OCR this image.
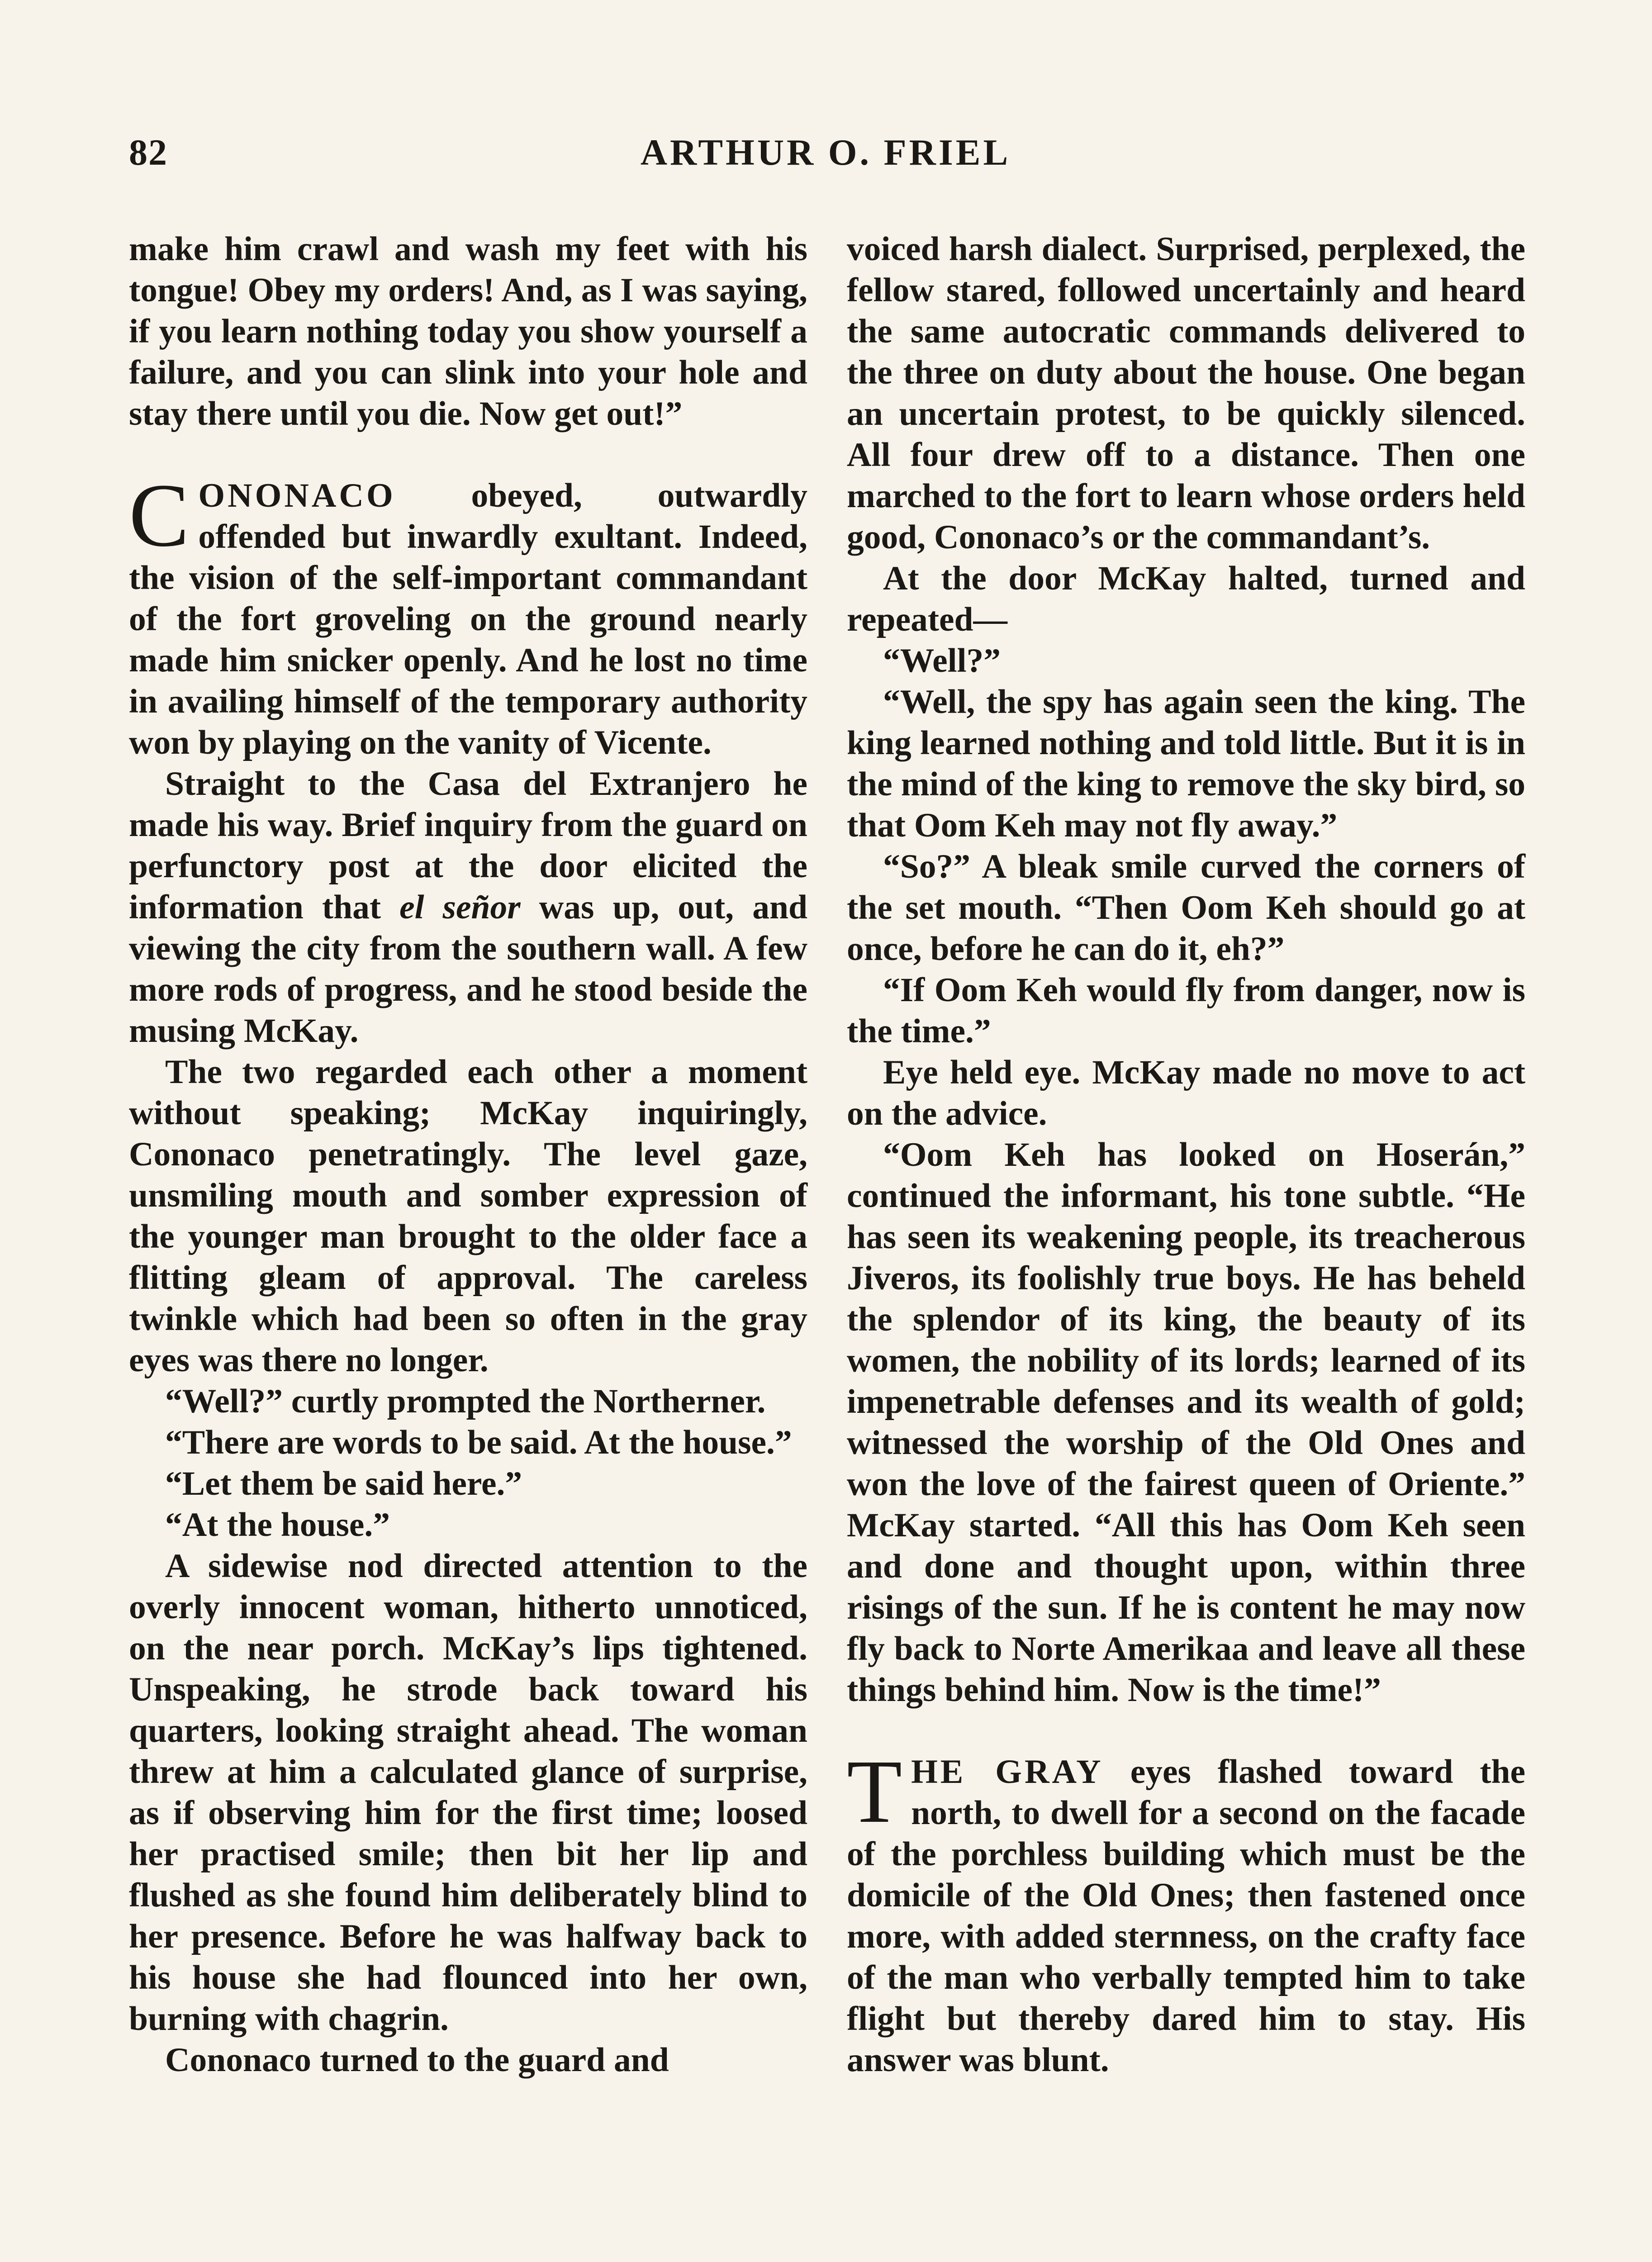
82	ARTHUR O. FRIEL

make him crawl and wash my feet with his tongue! Obey my orders! And, as I was saying, if you learn nothing today you show yourself a failure, and you can slink into your hole and stay there until you die. Now get out!”

CONONACO obeyed, outwardly offended but inwardly exultant. Indeed, the vision of the self-important commandant of the fort groveling on the ground nearly made him snicker openly. And he lost no time in availing himself of the temporary authority won by playing on the vanity of Vicente.

Straight to the Casa del Extranjero he made his way. Brief inquiry from the guard on perfunctory post at the door elicited the information that el señor was up, out, and viewing the city from the southern wall. A few more rods of progress, and he stood beside the musing McKay.

The two regarded each other a moment without speaking; McKay inquiringly, Cononaco penetratingly. The level gaze, unsmiling mouth and somber expression of the younger man brought to the older face a flitting gleam of approval. The careless twinkle which had been so often in the gray eyes was there no longer.

“Well?” curtly prompted the Northerner.

“There are words to be said. At the house.”

“Let them be said here.”

“At the house.”

A sidewise nod directed attention to the overly innocent woman, hitherto unnoticed, on the near porch. McKay’s lips tightened. Unspeaking, he strode back toward his quarters, looking straight ahead. The woman threw at him a calculated glance of surprise, as if observing him for the first time; loosed her practised smile; then bit her lip and flushed as she found him deliberately blind to her presence. Before he was halfway back to his house she had flounced into her own, burning with chagrin.

Cononaco turned to the guard and

voiced harsh dialect. Surprised, perplexed, the fellow stared, followed uncertainly and heard the same autocratic commands delivered to the three on duty about the house. One began an uncertain protest, to be quickly silenced. All four drew off to a distance. Then one marched to the fort to learn whose orders held good, Cononaco’s or the commandant’s.

At the door McKay halted, turned and repeated—

“Well?”

“Well, the spy has again seen the king. The king learned nothing and told little. But it is in the mind of the king to remove the sky bird, so that Oom Keh may not fly away.”

“So?” A bleak smile curved the corners of the set mouth. “Then Oom Keh should go at once, before he can do it, eh?”

“If Oom Keh would fly from danger, now is the time.”

Eye held eye. McKay made no move to act on the advice.

“Oom Keh has looked on Hoserán,” continued the informant, his tone subtle. “He has seen its weakening people, its treacherous Jiveros, its foolishly true boys. He has beheld the splendor of its king, the beauty of its women, the nobility of its lords; learned of its impenetrable defenses and its wealth of gold; witnessed the worship of the Old Ones and won the love of the fairest queen of Oriente.” McKay started. “All this has Oom Keh seen and done and thought upon, within three risings of the sun. If he is content he may now fly back to Norte Amerikaa and leave all these things behind him. Now is the time!”

THE GRAY eyes flashed toward the north, to dwell for a second on the facade of the porchless building which must be the domicile of the Old Ones; then fastened once more, with added sternness, on the crafty face of the man who verbally tempted him to take flight but thereby dared him to stay. His answer was blunt.
